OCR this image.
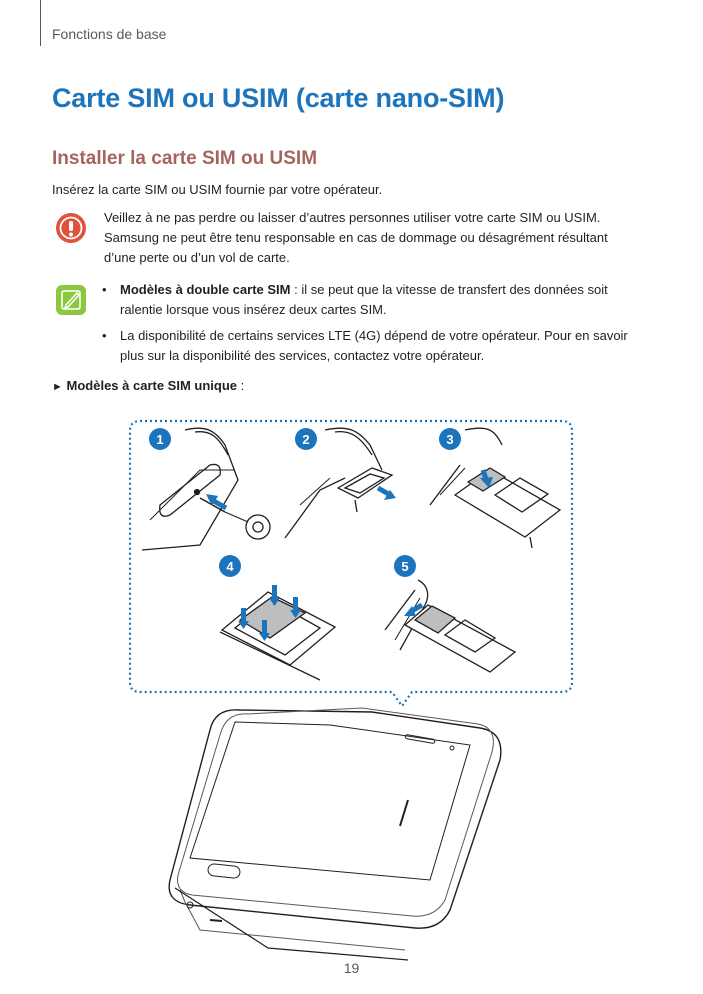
Fonctions de base
Carte SIM ou USIM (carte nano-SIM)
Installer la carte SIM ou USIM
Insérez la carte SIM ou USIM fournie par votre opérateur.
Veillez à ne pas perdre ou laisser d’autres personnes utiliser votre carte SIM ou USIM.
Samsung ne peut être tenu responsable en cas de dommage ou désagrément résultant
d’une perte ou d’un vol de carte.
• Modèles à double carte SIM : il se peut que la vitesse de transfert des données soit
ralentie lorsque vous insérez deux cartes SIM.
• La disponibilité de certains services LTE (4G) dépend de votre opérateur. Pour en savoir
plus sur la disponibilité des services, contactez votre opérateur.
► Modèles à carte SIM unique :
1	2	3
4	5
19
